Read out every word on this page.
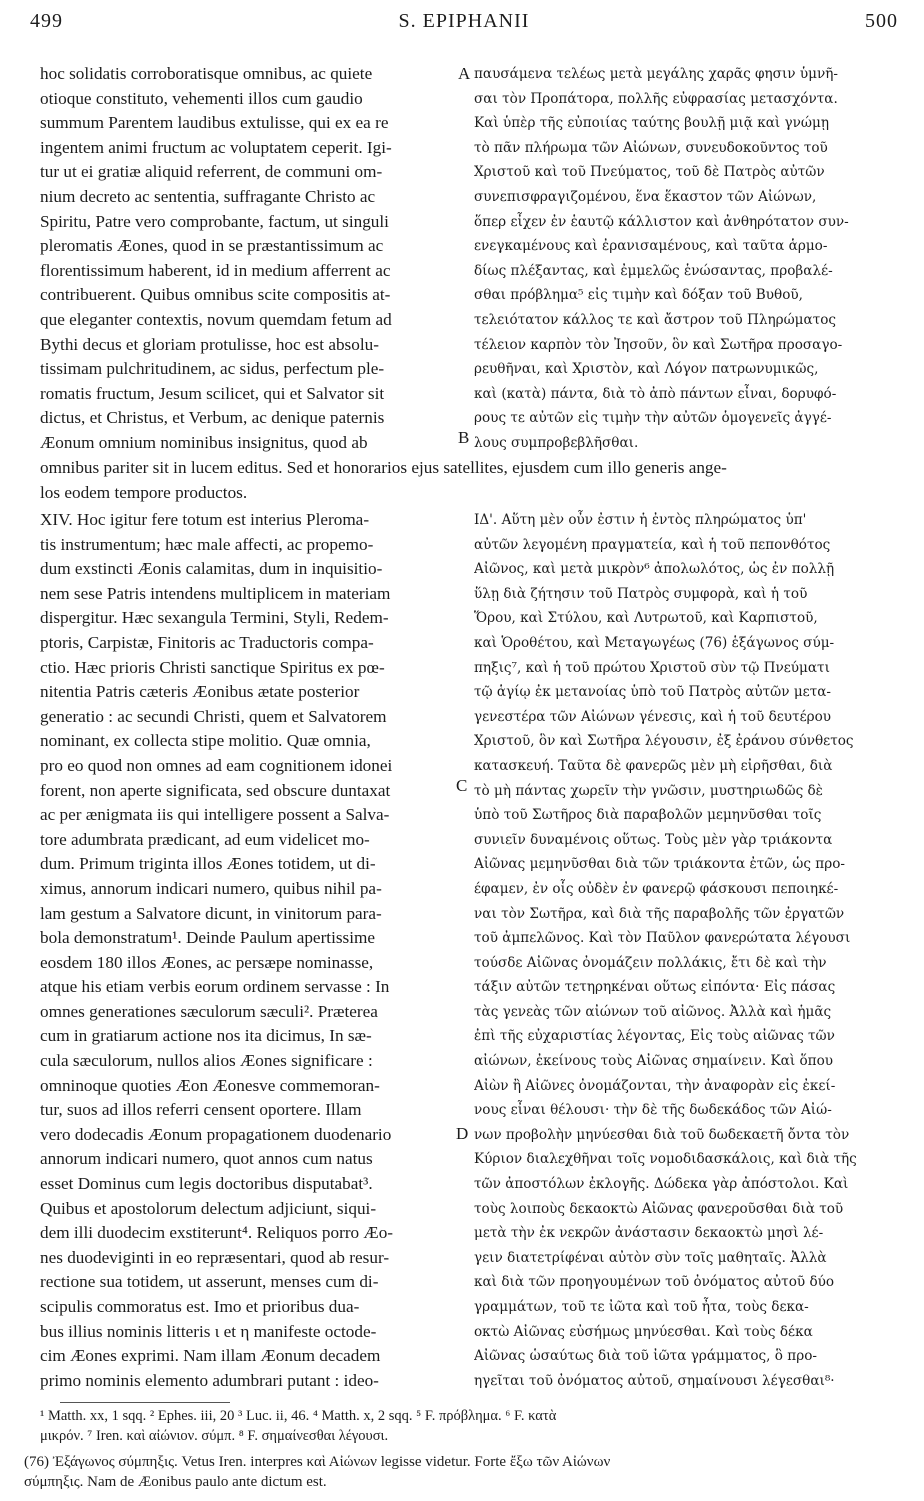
499	S. EPIPHANII	500
hoc solidatis corroboratisque omnibus, ac quiete
otioque constituto, vehementi illos cum gaudio
summum Parentem laudibus extulisse, qui ex ea re
ingentem animi fructum ac voluptatem ceperit. Igi-
tur ut ei gratiæ aliquid referrent, de communi om-
nium decreto ac sententia, suffragante Christo ac
Spiritu, Patre vero comprobante, factum, ut singuli
pleromatis Æones, quod in se præstantissimum ac
florentissimum haberent, id in medium afferrent ac
contribuerent. Quibus omnibus scite compositis at-
que eleganter contextis, novum quemdam fetum ad
Bythi decus et gloriam protulisse, hoc est absolu-
tissimam pulchritudinem, ac sidus, perfectum ple-
romatis fructum, Jesum scilicet, qui et Salvator sit
dictus, et Christus, et Verbum, ac denique paternis
Æonum omnium nominibus insignitus, quod ab
παυσάμενα τελέως μετὰ μεγάλης χαρᾶς φησιν ὑμνῆ-
σαι τὸν Προπάτορα, πολλῆς εὐφρασίας μετασχόντα.
Καὶ ὑπὲρ τῆς εὐποιίας ταύτης βουλῇ μιᾷ καὶ γνώμῃ
τὸ πᾶν πλήρωμα τῶν Αἰώνων, συνευδοκοῦντος τοῦ
Χριστοῦ καὶ τοῦ Πνεύματος, τοῦ δὲ Πατρὸς αὐτῶν
συνεπισφραγιζομένου, ἕνα ἕκαστον τῶν Αἰώνων,
ὅπερ εἶχεν ἐν ἑαυτῷ κάλλιστον καὶ ἀνθηρότατον συν-
ενεγκαμένους καὶ ἐρανισαμένους, καὶ ταῦτα ἁρμο-
δίως πλέξαντας, καὶ ἐμμελῶς ἑνώσαντας, προβαλέ-
σθαι πρόβλημα⁵ εἰς τιμὴν καὶ δόξαν τοῦ Βυθοῦ,
τελειότατον κάλλος τε καὶ ἄστρον τοῦ Πληρώματος
τέλειον καρπὸν τὸν Ἰησοῦν, ὃν καὶ Σωτῆρα προσαγο-
ρευθῆναι, καὶ Χριστὸν, καὶ Λόγον πατρωνυμικῶς,
καὶ (κατὰ) πάντα, διὰ τὸ ἀπὸ πάντων εἶναι, δορυφό-
ρους τε αὐτῶν εἰς τιμὴν τὴν αὐτῶν ὁμογενεῖς ἀγγέ-
λους συμπροβεβλῆσθαι.
omnibus pariter sit in lucem editus. Sed et honorarios ejus satellites, ejusdem cum illo generis ange-
los eodem tempore productos.
XIV. Hoc igitur fere totum est interius Pleroma-
tis instrumentum; hæc male affecti, ac propemo-
dum exstincti Æonis calamitas, dum in inquisitio-
nem sese Patris intendens multiplicem in materiam
dispergitur. Hæc sexangula Termini, Styli, Redem-
ptoris, Carpistæ, Finitoris ac Traductoris compa-
ctio. Hæc prioris Christi sanctique Spiritus ex pœ-
nitentia Patris cæteris Æonibus ætate posterior
generatio : ac secundi Christi, quem et Salvatorem
nominant, ex collecta stipe molitio. Quæ omnia,
pro eo quod non omnes ad eam cognitionem idonei
forent, non aperte significata, sed obscure duntaxat
ac per ænigmata iis qui intelligere possent a Salva-
tore adumbrata prædicant, ad eum videlicet mo-
dum. Primum triginta illos Æones totidem, ut di-
ximus, annorum indicari numero, quibus nihil pa-
lam gestum a Salvatore dicunt, in vinitorum para-
bola demonstratum¹. Deinde Paulum apertissime
eosdem 180 illos Æones, ac persæpe nominasse,
atque his etiam verbis eorum ordinem servasse : In
omnes generationes sæculorum sæculi². Præterea
cum in gratiarum actione nos ita dicimus, In sæ-
cula sæculorum, nullos alios Æones significare :
omninoque quoties Æon Æonesve commemoran-
tur, suos ad illos referri censent oportere. Illam
vero dodecadis Æonum propagationem duodenario
annorum indicari numero, quot annos cum natus
esset Dominus cum legis doctoribus disputabat³.
Quibus et apostolorum delectum adjiciunt, siqui-
dem illi duodecim exstiterunt⁴. Reliquos porro Æo-
nes duodeviginti in eo repræsentari, quod ab resur-
rectione sua totidem, ut asserunt, menses cum di-
scipulis commoratus est. Imo et prioribus dua-
bus illius nominis litteris ι et η manifeste octode-
cim Æones exprimi. Nam illam Æonum decadem
primo nominis elemento adumbrari putant : ideo-
ΙΔ'. Αὕτη μὲν οὖν ἐστιν ἡ ἐντὸς πληρώματος ὑπ'
αὐτῶν λεγομένη πραγματεία, καὶ ἡ τοῦ πεπονθότος
Αἰῶνος, καὶ μετὰ μικρὸν⁶ ἀπολωλότος, ὡς ἐν πολλῇ
ὕλῃ διὰ ζήτησιν τοῦ Πατρὸς συμφορὰ, καὶ ἡ τοῦ
Ὅρου, καὶ Στύλου, καὶ Λυτρωτοῦ, καὶ Καρπιστοῦ,
καὶ Ὁροθέτου, καὶ Μεταγωγέως (76) ἑξάγωνος σύμ-
πηξις⁷, καὶ ἡ τοῦ πρώτου Χριστοῦ σὺν τῷ Πνεύματι
τῷ ἁγίῳ ἐκ μετανοίας ὑπὸ τοῦ Πατρὸς αὐτῶν μετα-
γενεστέρα τῶν Αἰώνων γένεσις, καὶ ἡ τοῦ δευτέρου
Χριστοῦ, ὃν καὶ Σωτῆρα λέγουσιν, ἐξ ἐράνου σύνθετος
κατασκευή. Ταῦτα δὲ φανερῶς μὲν μὴ εἰρῆσθαι, διὰ
τὸ μὴ πάντας χωρεῖν τὴν γνῶσιν, μυστηριωδῶς δὲ
ὑπὸ τοῦ Σωτῆρος διὰ παραβολῶν μεμηνῦσθαι τοῖς
συνιεῖν δυναμένοις οὕτως. Τοὺς μὲν γὰρ τριάκοντα
Αἰῶνας μεμηνῦσθαι διὰ τῶν τριάκοντα ἐτῶν, ὡς προ-
έφαμεν, ἐν οἷς οὐδὲν ἐν φανερῷ φάσκουσι πεποιηκέ-
ναι τὸν Σωτῆρα, καὶ διὰ τῆς παραβολῆς τῶν ἐργατῶν
τοῦ ἀμπελῶνος. Καὶ τὸν Παῦλον φανερώτατα λέγουσι
τούσδε Αἰῶνας ὀνομάζειν πολλάκις, ἔτι δὲ καὶ τὴν
τάξιν αὐτῶν τετηρηκέναι οὕτως εἰπόντα· Εἰς πάσας
τὰς γενεὰς τῶν αἰώνων τοῦ αἰῶνος. Ἀλλὰ καὶ ἡμᾶς
ἐπὶ τῆς εὐχαριστίας λέγοντας, Εἰς τοὺς αἰῶνας τῶν
αἰώνων, ἐκείνους τοὺς Αἰῶνας σημαίνειν. Καὶ ὅπου
Αἰὼν ἢ Αἰῶνες ὀνομάζονται, τὴν ἀναφορὰν εἰς ἐκεί-
νους εἶναι θέλουσι· τὴν δὲ τῆς δωδεκάδος τῶν Αἰώ-
νων προβολὴν μηνύεσθαι διὰ τοῦ δωδεκαετῆ ὄντα τὸν
Κύριον διαλεχθῆναι τοῖς νομοδιδασκάλοις, καὶ διὰ τῆς
τῶν ἀποστόλων ἐκλογῆς. Δώδεκα γὰρ ἀπόστολοι. Καὶ
τοὺς λοιποὺς δεκαοκτὼ Αἰῶνας φανεροῦσθαι διὰ τοῦ
μετὰ τὴν ἐκ νεκρῶν ἀνάστασιν δεκαοκτὼ μησὶ λέ-
γειν διατετρίφέναι αὐτὸν σὺν τοῖς μαθηταῖς. Ἀλλὰ
καὶ διὰ τῶν προηγουμένων τοῦ ὀνόματος αὐτοῦ δύο
γραμμάτων, τοῦ τε ἰῶτα καὶ τοῦ ἦτα, τοὺς δεκα-
οκτὼ Αἰῶνας εὐσήμως μηνύεσθαι. Καὶ τοὺς δέκα
Αἰῶνας ὡσαύτως διὰ τοῦ ἰῶτα γράμματος, ὃ προ-
ηγεῖται τοῦ ὀνόματος αὐτοῦ, σημαίνουσι λέγεσθαι⁸·
A
B
C
D
¹ Matth. xx, 1 sqq. ² Ephes. iii, 20 ³ Luc. ii, 46. ⁴ Matth. x, 2 sqq. ⁵ F. πρόβλημα. ⁶ F. κατὰ
μικρόν. ⁷ Iren. καὶ αἰώνιον. σύμπ. ⁸ F. σημαίνεσθαι λέγουσι.
(76) Ἐξάγωνος σύμπηξις. Vetus Iren. interpres καὶ Αἰώνων legisse videtur. Forte ἔξω τῶν Αἰώνων
σύμπηξις. Nam de Æonibus paulo ante dictum est.
